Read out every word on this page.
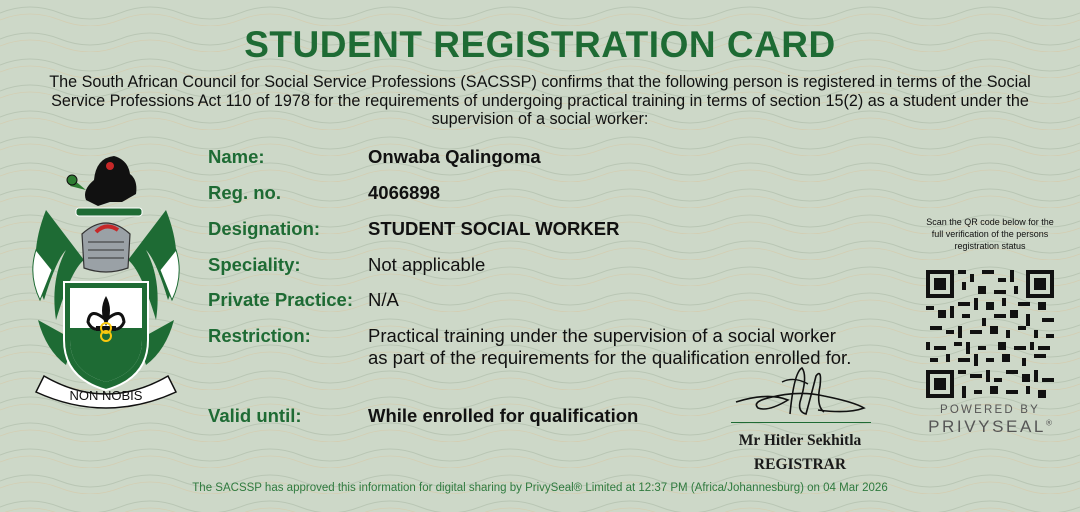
STUDENT REGISTRATION CARD
The South African Council for Social Service Professions (SACSSP) confirms that the following person is registered in terms of the Social Service Professions Act 110 of 1978 for the requirements of undergoing practical training in terms of section 15(2) as a student under the supervision of a social worker:
NON NOBIS
Name:	Onwaba Qalingoma
Reg. no.	4066898
Designation:	STUDENT SOCIAL WORKER
Speciality:	Not applicable
Private Practice: N/A
Restriction:	Practical training under the supervision of a social worker
as part of the requirements for the qualification enrolled for.
Valid until:	While enrolled for qualification
Mr Hitler Sekhitla
REGISTRAR
Scan the QR code below for the full verification of the persons registration status
POWERED BY
PRIVYSEAL®
The SACSSP has approved this information for digital sharing by PrivySeal® Limited at 12:37 PM (Africa/Johannesburg) on 04 Mar 2026
